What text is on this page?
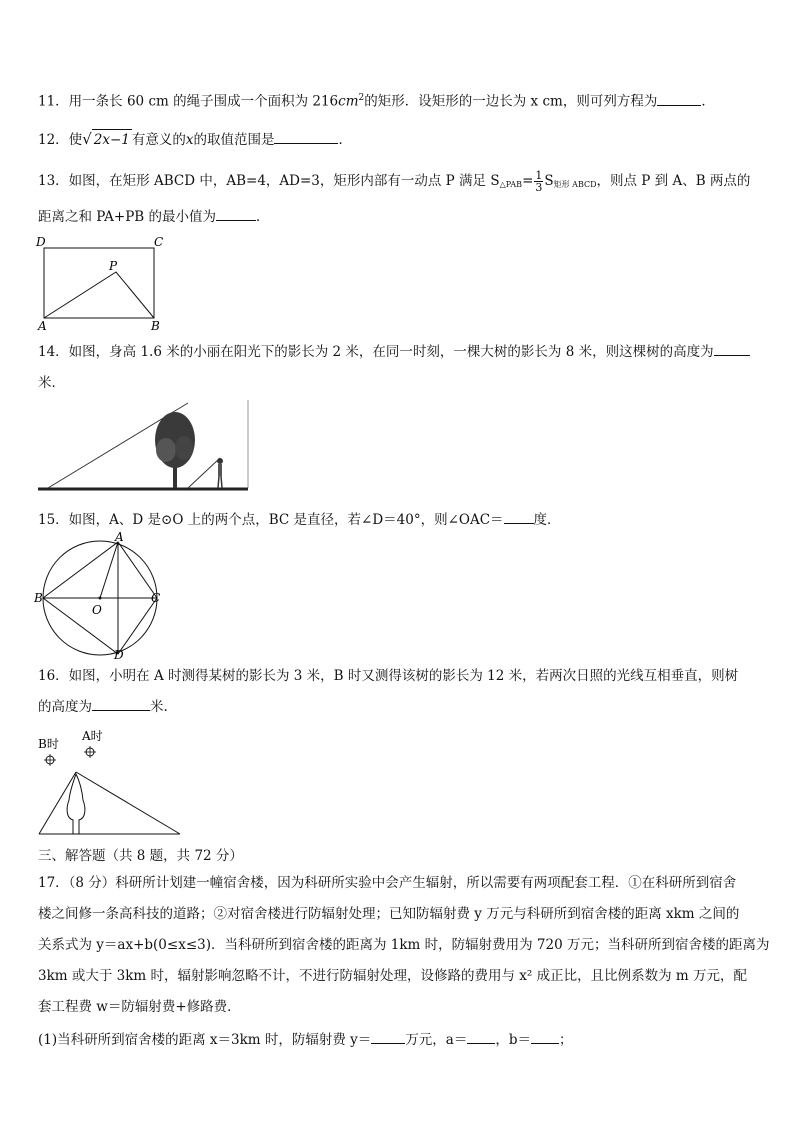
11．用一条长 60 cm 的绳子围成一个面积为 $216cm^2$的矩形．设矩形的一边长为 x cm，则可列方程为	．
12．使√ 2x−1 有意义的x的取值范围是	．
13．如图，在矩形 ABCD 中，AB=4，AD=3，矩形内部有一动点 P 满足 $S_{\triangle PAB}= \frac{1}{3} S_{矩形 ABCD}$，则点 P 到 A、B 两点的
距离之和 PA+PB 的最小值为	．
D	C
P
A	B
14．如图，身高 1.6 米的小丽在阳光下的影长为 2 米，在同一时刻，一棵大树的影长为 8 米，则这棵树的高度为
米．
15．如图，A、D 是⊙O 上的两个点，BC 是直径，若∠D＝40°，则∠OAC＝ 度．
A
B	C
D
O
16．如图，小明在 A 时测得某树的影长为 3 米，B 时又测得该树的影长为 12 米，若两次日照的光线互相垂直，则树
的高度为	米.
B时
A时
三、解答题（共 8 题，共 72 分）
17．（8 分）科研所计划建一幢宿舍楼，因为科研所实验中会产生辐射，所以需要有两项配套工程．①在科研所到宿舍
楼之间修一条高科技的道路；②对宿舍楼进行防辐射处理；已知防辐射费 y 万元与科研所到宿舍楼的距离 xkm 之间的
关系式为 y＝ax+b(0≤x≤3)．当科研所到宿舍楼的距离为 1km 时，防辐射费用为 720 万元；当科研所到宿舍楼的距离为
3km 或大于 3km 时，辐射影响忽略不计，不进行防辐射处理，设修路的费用与 x² 成正比，且比例系数为 m 万元，配
套工程费 w＝防辐射费+修路费．
(1)当科研所到宿舍楼的距离 x＝3km 时，防辐射费 y＝	万元，a＝ ，b＝ ；
